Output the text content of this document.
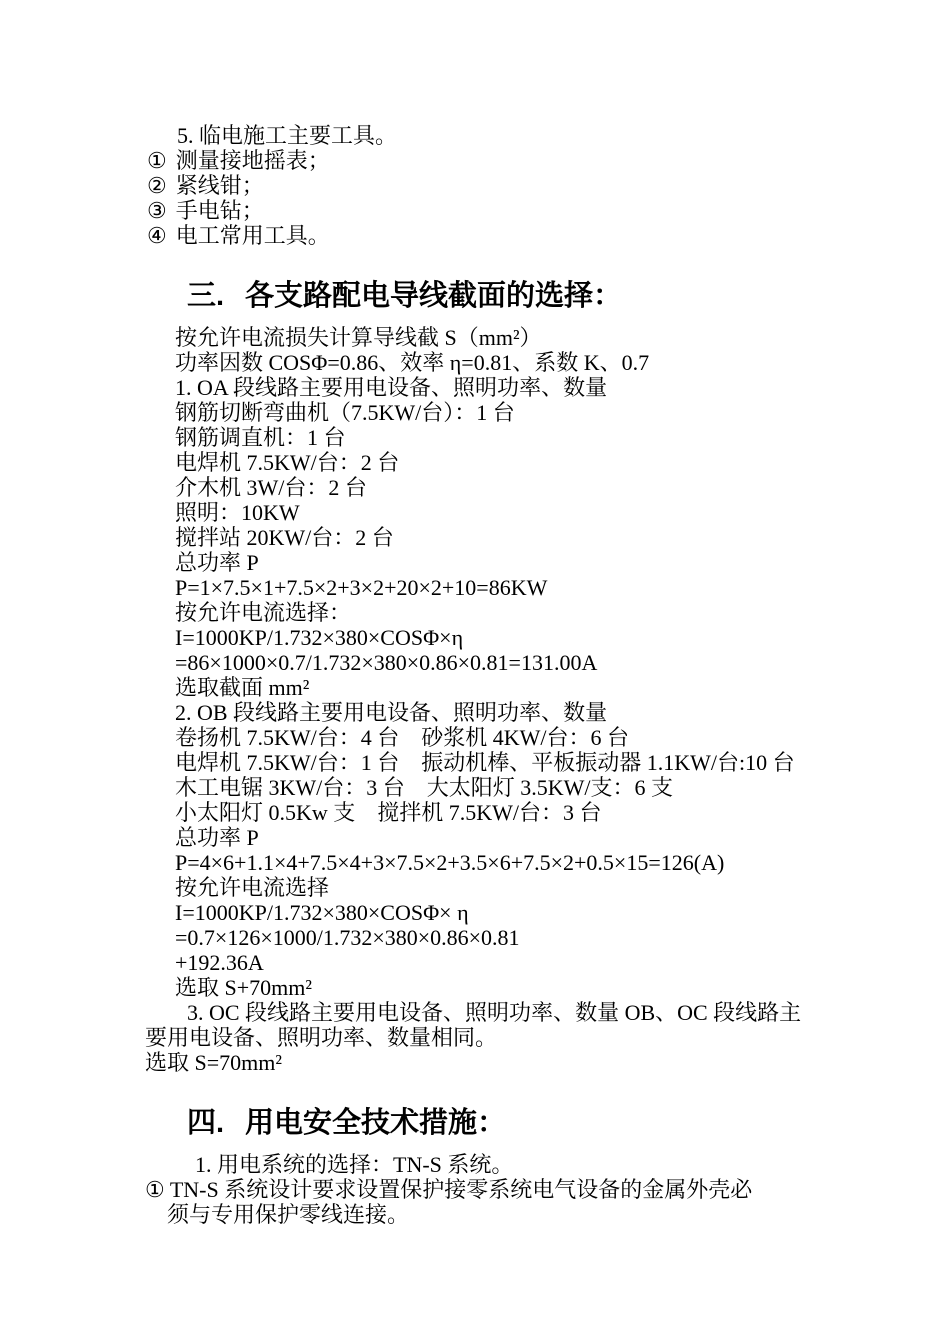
5. 临电施工主要工具。

① 测量接地摇表；

② 紧线钳；

③ 手电钻；

④ 电工常用工具。

三. 各支路配电导线截面的选择：

按允许电流损失计算导线截 S（mm²）

功率因数 COSΦ=0.86、效率 η=0.81、系数 K、0.7

1. OA 段线路主要用电设备、照明功率、数量

钢筋切断弯曲机（7.5KW/台）：1 台

钢筋调直机：1 台

电焊机 7.5KW/台：2 台

介木机 3W/台：2 台

照明：10KW

搅拌站 20KW/台：2 台

总功率 P

P=1×7.5×1+7.5×2+3×2+20×2+10=86KW

按允许电流选择：

I=1000KP/1.732×380×COSΦ×η

=86×1000×0.7/1.732×380×0.86×0.81=131.00A

选取截面 mm²

2. OB 段线路主要用电设备、照明功率、数量

卷扬机 7.5KW/台：4 台　砂浆机 4KW/台：6 台

电焊机 7.5KW/台：1 台　振动机棒、平板振动器 1.1KW/台:10 台

木工电锯 3KW/台：3 台　大太阳灯 3.5KW/支：6 支

小太阳灯 0.5Kw 支　搅拌机 7.5KW/台：3 台

总功率 P

P=4×6+1.1×4+7.5×4+3×7.5×2+3.5×6+7.5×2+0.5×15=126(A)

按允许电流选择

I=1000KP/1.732×380×COSΦ× η

=0.7×126×1000/1.732×380×0.86×0.81

+192.36A

选取 S+70mm²

3. OC 段线路主要用电设备、照明功率、数量 OB、OC 段线路主

要用电设备、照明功率、数量相同。

选取 S=70mm²

四. 用电安全技术措施：

1. 用电系统的选择：TN-S 系统。

① TN-S 系统设计要求设置保护接零系统电气设备的金属外壳必

须与专用保护零线连接。
